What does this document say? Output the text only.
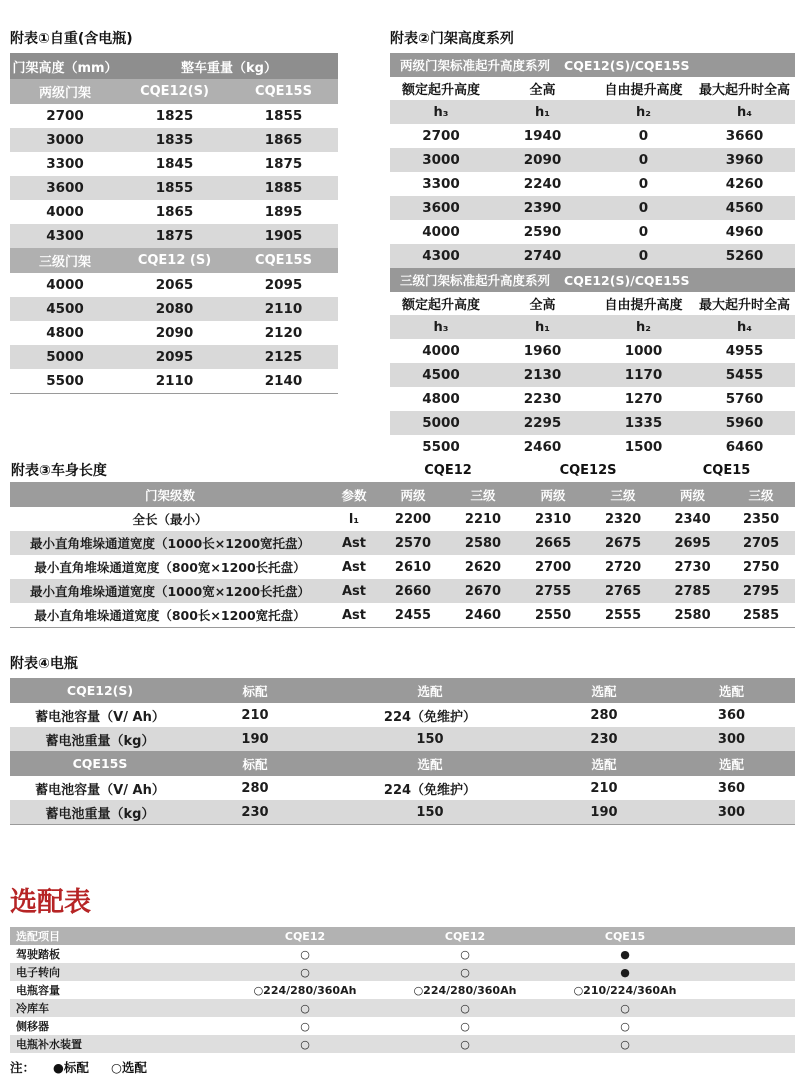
附表①自重(含电瓶)
门架高度（mm）	整车重量（kg）	
两级门架	CQE12(S)	CQE15S
2700	1825	1855
3000	1835	1865
3300	1845	1875
3600	1855	1885
4000	1865	1895
4300	1875	1905
三级门架	CQE12 (S)	CQE15S
4000	2065	2095
4500	2080	2110
4800	2090	2120
5000	2095	2125
5500	2110	2140
附表②门架高度系列
两级门架标准起升高度系列 CQE12(S)/CQE15S			
额定起升高度	全高	自由提升高度	最大起升时全高
h₃	h₁	h₂	h₄
2700	1940	0	3660
3000	2090	0	3960
3300	2240	0	4260
3600	2390	0	4560
4000	2590	0	4960
4300	2740	0	5260
三级门架标准起升高度系列 CQE12(S)/CQE15S			
额定起升高度	全高	自由提升高度	最大起升时全高
h₃	h₁	h₂	h₄
4000	1960	1000	4955
4500	2130	1170	5455
4800	2230	1270	5760
5000	2295	1335	5960
5500	2460	1500	6460
附表③车身长度		CQE12		CQE12S		CQE15	
门架级数	参数	两级	三级	两级	三级	两级	三级
全长（最小）	l₁	2200	2210	2310	2320	2340	2350
最小直角堆垛通道宽度（1000长×1200宽托盘）	Ast	2570	2580	2665	2675	2695	2705
最小直角堆垛通道宽度（800宽×1200长托盘）	Ast	2610	2620	2700	2720	2730	2750
最小直角堆垛通道宽度（1000宽×1200长托盘）	Ast	2660	2670	2755	2765	2785	2795
最小直角堆垛通道宽度（800长×1200宽托盘）	Ast	2455	2460	2550	2555	2580	2585
附表④电瓶
CQE12(S)	标配	选配	选配	选配
蓄电池容量（V/ Ah）	210	224（免维护）	280	360
蓄电池重量（kg）	190	150	230	300
CQE15S	标配	选配	选配	选配
蓄电池容量（V/ Ah）	280	224（免维护）	210	360
蓄电池重量（kg）	230	150	190	300
选配表
选配项目	CQE12	CQE12	CQE15	
驾驶踏板	○	○	●	
电子转向	○	○	●	
电瓶容量	○224/280/360Ah	○224/280/360Ah	○210/224/360Ah	
冷库车	○	○	○	
侧移器	○	○	○	
电瓶补水装置	○	○	○	
注： ●标配 ○选配
